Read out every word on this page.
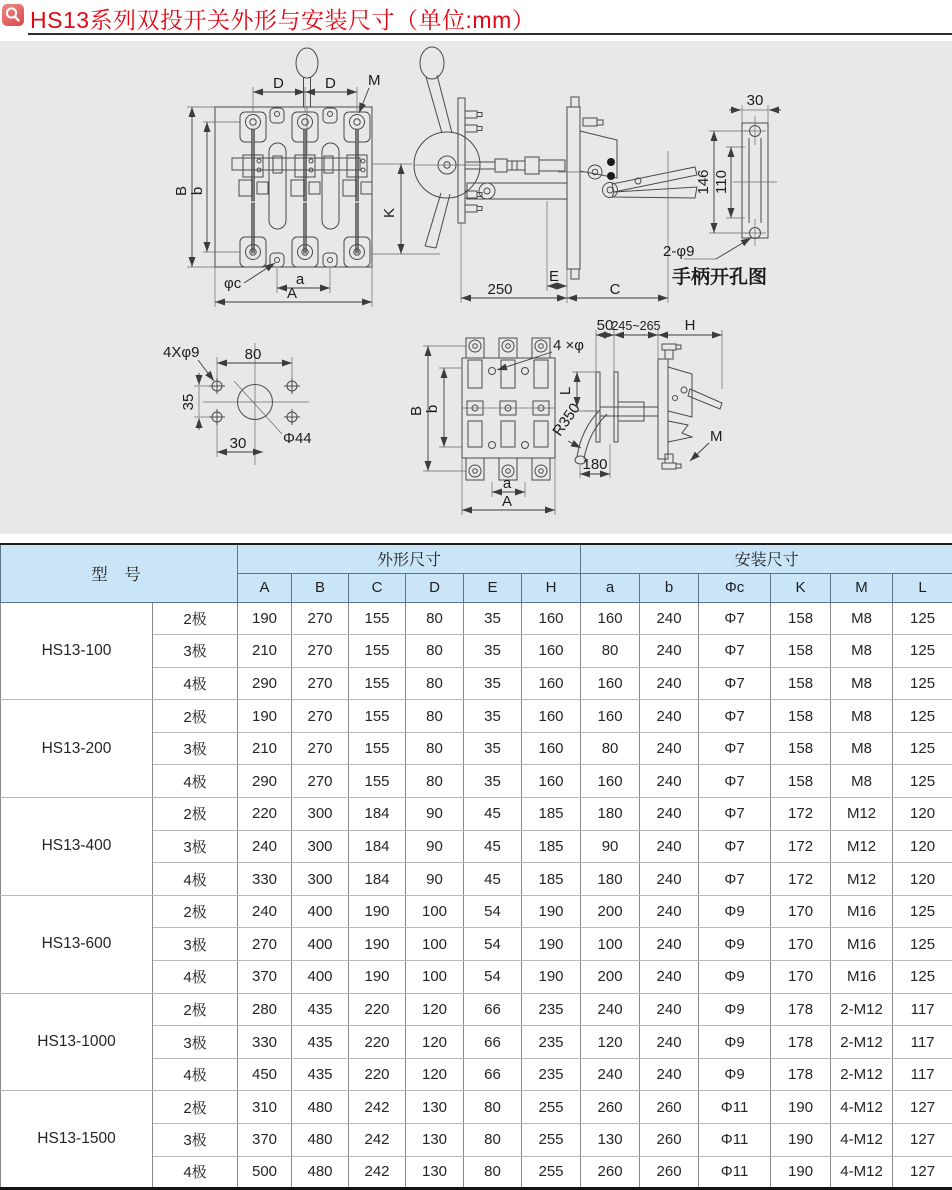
HS13系列双投开关外形与安装尺寸（单位:mm）
D	D M
B b
K
φc	a
A
E
250	C
30
146 110
2-φ9
手柄开孔图
80
35
30
4Xφ9
Φ44
4 ×φ
B b
a
A
50
245~265 H
L
R350
180
M
型 号		外形尺寸						安装尺寸					
		A	B	C	D	E	H	a	b	Φc	K	M	L
HS13-100	2极	190	270	155	80	35	160	160	240	Φ7	158	M8	125
	3极	210	270	155	80	35	160	80	240	Φ7	158	M8	125
	4极	290	270	155	80	35	160	160	240	Φ7	158	M8	125
HS13-200	2极	190	270	155	80	35	160	160	240	Φ7	158	M8	125
	3极	210	270	155	80	35	160	80	240	Φ7	158	M8	125
	4极	290	270	155	80	35	160	160	240	Φ7	158	M8	125
HS13-400	2极	220	300	184	90	45	185	180	240	Φ7	172	M12	120
	3极	240	300	184	90	45	185	90	240	Φ7	172	M12	120
	4极	330	300	184	90	45	185	180	240	Φ7	172	M12	120
HS13-600	2极	240	400	190	100	54	190	200	240	Φ9	170	M16	125
	3极	270	400	190	100	54	190	100	240	Φ9	170	M16	125
	4极	370	400	190	100	54	190	200	240	Φ9	170	M16	125
HS13-1000	2极	280	435	220	120	66	235	240	240	Φ9	178	2-M12	117
	3极	330	435	220	120	66	235	120	240	Φ9	178	2-M12	117
	4极	450	435	220	120	66	235	240	240	Φ9	178	2-M12	117
HS13-1500	2极	310	480	242	130	80	255	260	260	Φ11	190	4-M12	127
	3极	370	480	242	130	80	255	130	260	Φ11	190	4-M12	127
	4极	500	480	242	130	80	255	260	260	Φ11	190	4-M12	127
